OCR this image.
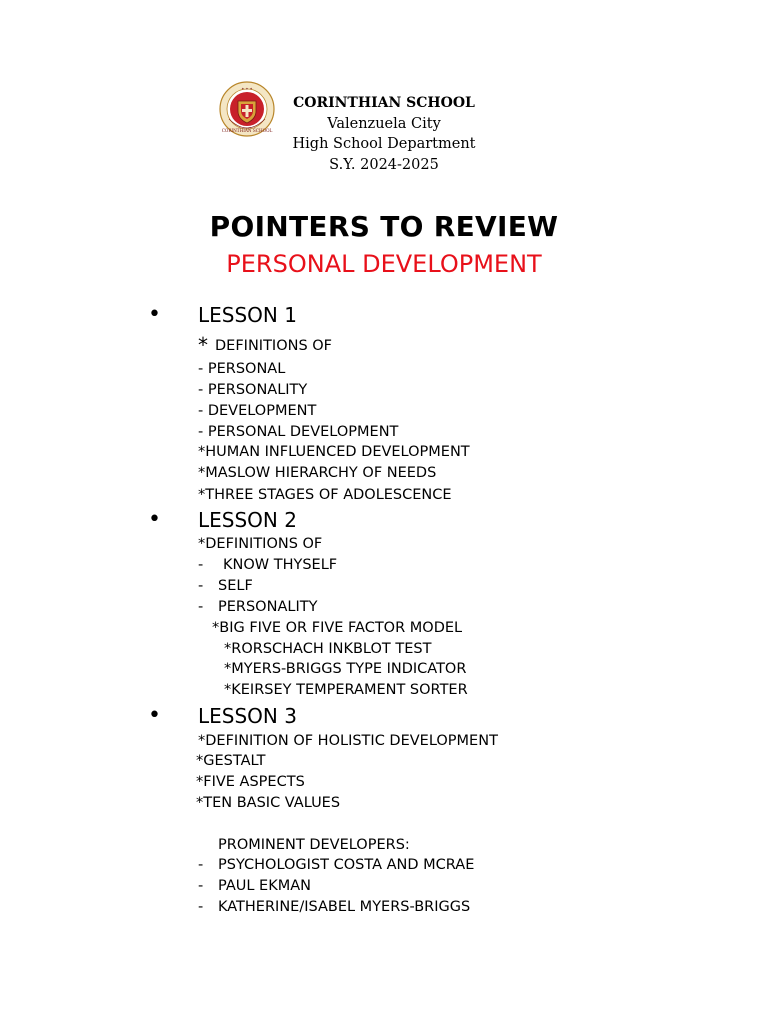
CORINTHIAN SCHOOL
✦ ✦ ✦
CORINTHIAN SCHOOL
Valenzuela City
High School Department
S.Y. 2024-2025
POINTERS TO REVIEW
PERSONAL DEVELOPMENT
• LESSON 1
* DEFINITIONS OF
- PERSONAL
- PERSONALITY
- DEVELOPMENT
- PERSONAL DEVELOPMENT
*HUMAN INFLUENCED DEVELOPMENT
*MASLOW HIERARCHY OF NEEDS
*THREE STAGES OF ADOLESCENCE
• LESSON 2
*DEFINITIONS OF
- KNOW THYSELF
- SELF
- PERSONALITY
*BIG FIVE OR FIVE FACTOR MODEL
*RORSCHACH INKBLOT TEST
*MYERS-BRIGGS TYPE INDICATOR
*KEIRSEY TEMPERAMENT SORTER
• LESSON 3
*DEFINITION OF HOLISTIC DEVELOPMENT
*GESTALT
*FIVE ASPECTS
*TEN BASIC VALUES
PROMINENT DEVELOPERS:
- PSYCHOLOGIST COSTA AND MCRAE
- PAUL EKMAN
- KATHERINE/ISABEL MYERS-BRIGGS
